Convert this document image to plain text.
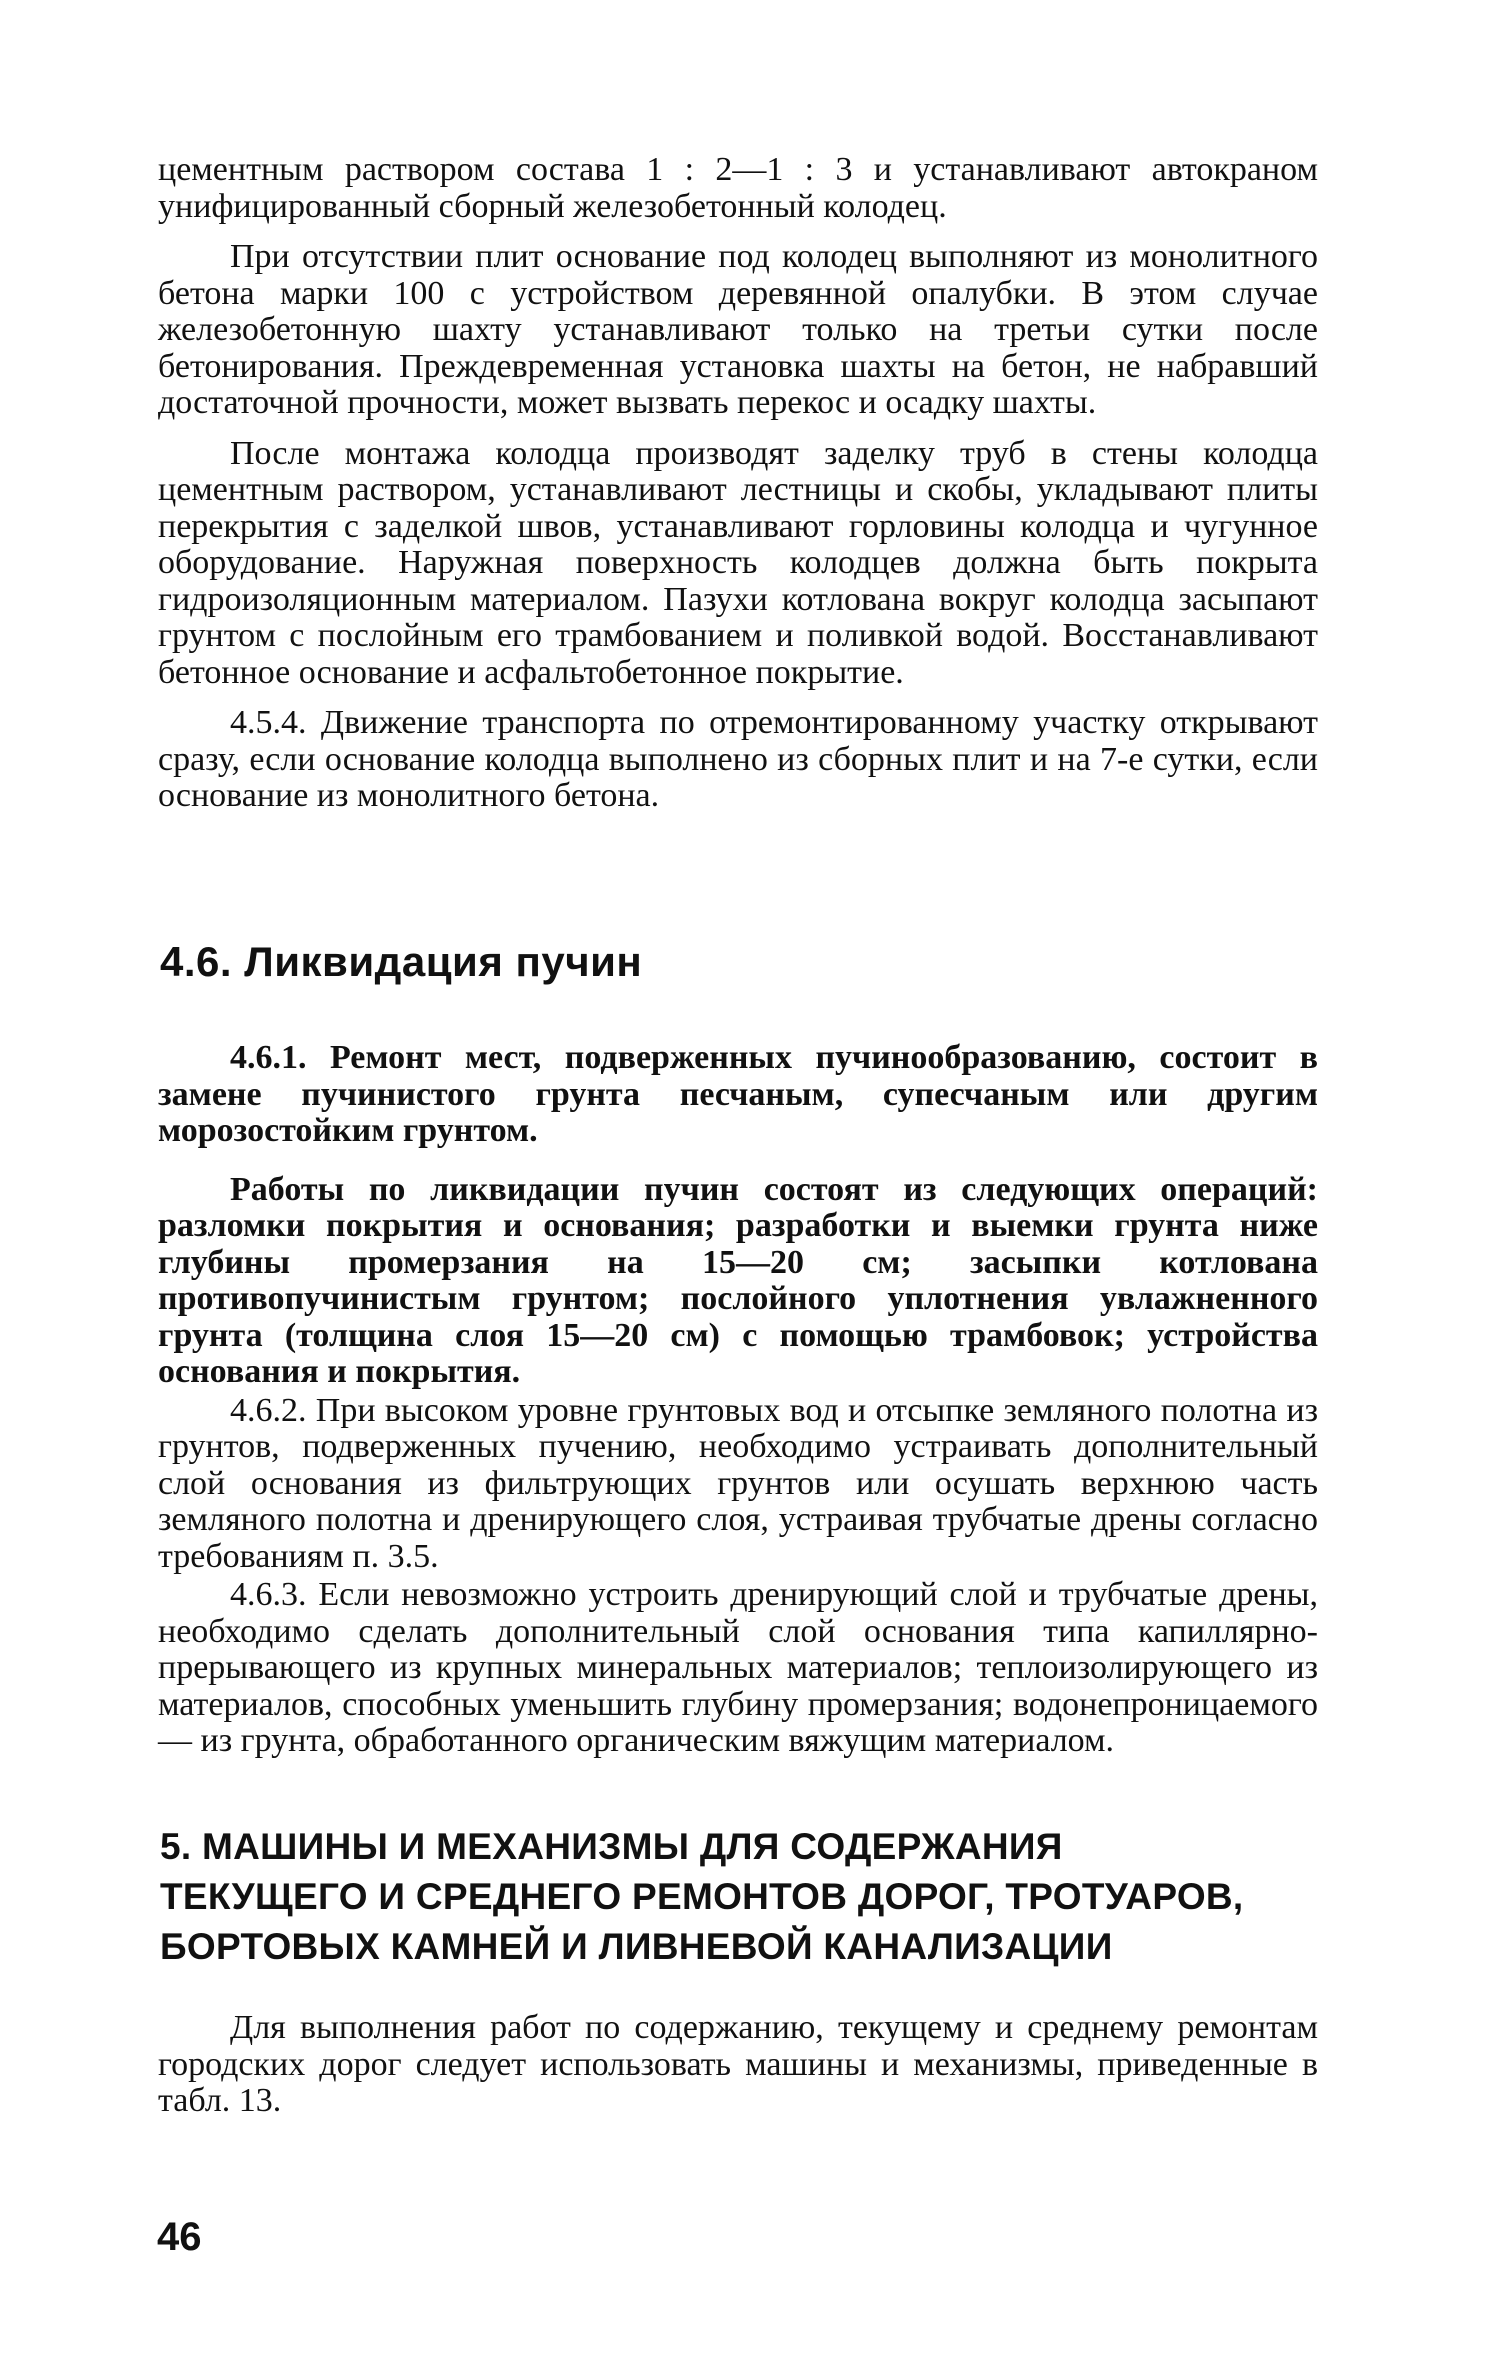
цементным раствором состава 1 : 2—1 : 3 и устанавливают автокраном унифицированный сборный железобетонный колодец.

При отсутствии плит основание под колодец выполняют из монолитного бетона марки 100 с устройством деревянной опалубки. В этом случае железобетонную шахту устанавливают только на третьи сутки после бетонирования. Преждевременная установка шахты на бетон, не набравший достаточной прочности, может вызвать перекос и осадку шахты.

После монтажа колодца производят заделку труб в стены колодца цементным раствором, устанавливают лестницы и скобы, укладывают плиты перекрытия с заделкой швов, устанавливают горловины колодца и чугунное оборудование. Наружная поверхность колодцев должна быть покрыта гидроизоляционным материалом. Пазухи котлована вокруг колодца засыпают грунтом с послойным его трамбованием и поливкой водой. Восстанавливают бетонное основание и асфальтобетонное покрытие.

4.5.4. Движение транспорта по отремонтированному участку открывают сразу, если основание колодца выполнено из сборных плит и на 7-е сутки, если основание из монолитного бетона.

4.6. Ликвидация пучин

4.6.1. Ремонт мест, подверженных пучинообразованию, состоит в замене пучинистого грунта песчаным, супесчаным или другим морозостойким грунтом.

Работы по ликвидации пучин состоят из следующих операций: разломки покрытия и основания; разработки и выемки грунта ниже глубины промерзания на 15—20 см; засыпки котлована противопучинистым грунтом; послойного уплотнения увлажненного грунта (толщина слоя 15—20 см) с помощью трамбовок; устройства основания и покрытия.

4.6.2. При высоком уровне грунтовых вод и отсыпке земляного полотна из грунтов, подверженных пучению, необходимо устраивать дополнительный слой основания из фильтрующих грунтов или осушать верхнюю часть земляного полотна и дренирующего слоя, устраивая трубчатые дрены согласно требованиям п. 3.5.

4.6.3. Если невозможно устроить дренирующий слой и трубчатые дрены, необходимо сделать дополнительный слой основания типа капиллярно-прерывающего из крупных минеральных материалов; теплоизолирующего из материалов, способных уменьшить глубину промерзания; водонепроницаемого — из грунта, обработанного органическим вяжущим материалом.

5. МАШИНЫ И МЕХАНИЗМЫ ДЛЯ СОДЕРЖАНИЯ
ТЕКУЩЕГО И СРЕДНЕГО РЕМОНТОВ ДОРОГ, ТРОТУАРОВ,
БОРТОВЫХ КАМНЕЙ И ЛИВНЕВОЙ КАНАЛИЗАЦИИ

Для выполнения работ по содержанию, текущему и среднему ремонтам городских дорог следует использовать машины и механизмы, приведенные в табл. 13.

46
